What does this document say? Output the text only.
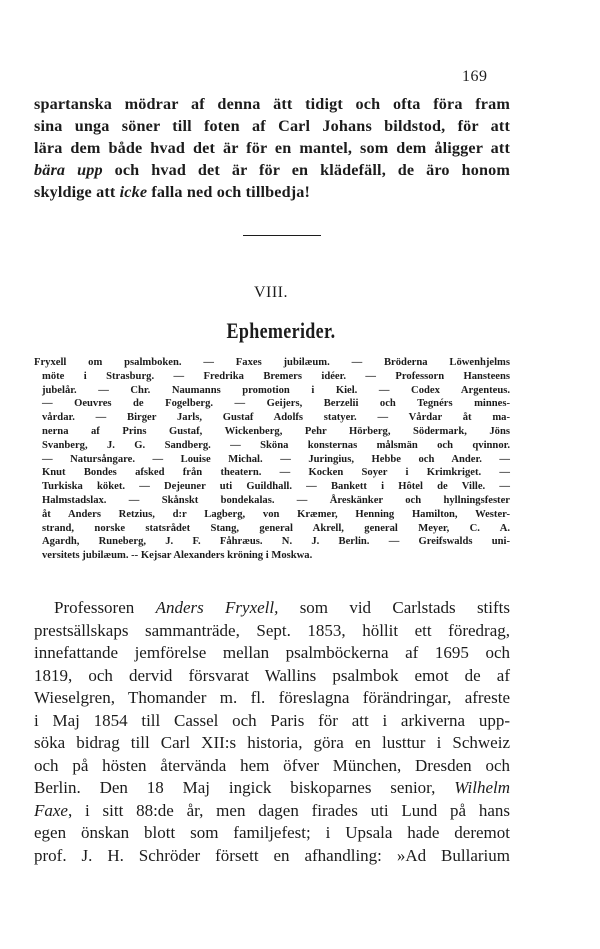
169
spartanska mödrar af denna ätt tidigt och ofta föra fram
sina unga söner till foten af Carl Johans bildstod, för att
lära dem både hvad det är för en mantel, som dem åligger att
bära upp och hvad det är för en klädefäll, de äro honom
skyldige att icke falla ned och tillbedja!
VIII.
Ephemerider.
Fryxell om psalmboken. — Faxes jubilæum. — Bröderna Löwenhjelms
möte i Strasburg. — Fredrika Bremers idéer. — Professorn Hansteens
jubelår. — Chr. Naumanns promotion i Kiel. — Codex Argenteus.
— Oeuvres de Fogelberg. — Geijers, Berzelii och Tegnérs minnes-
vårdar. — Birger Jarls, Gustaf Adolfs statyer. — Vårdar åt ma-
nerna af Prins Gustaf, Wickenberg, Pehr Hörberg, Södermark, Jöns
Svanberg, J. G. Sandberg. — Sköna konsternas målsmän och qvinnor.
— Natursångare. — Louise Michal. — Juringius, Hebbe och Ander. —
Knut Bondes afsked från theatern. — Kocken Soyer i Krimkriget. —
Turkiska köket. — Dejeuner uti Guildhall. — Bankett i Hôtel de Ville. —
Halmstadslax. — Skånskt bondekalas. — Åreskänker och hyllningsfester
åt Anders Retzius, d:r Lagberg, von Kræmer, Henning Hamilton, Wester-
strand, norske statsrådet Stang, general Akrell, general Meyer, C. A.
Agardh, Runeberg, J. F. Fåhræus. N. J. Berlin. — Greifswalds uni-
versitets jubilæum. -- Kejsar Alexanders kröning i Moskwa.
Professoren Anders Fryxell, som vid Carlstads stifts
prestsällskaps sammanträde, Sept. 1853, höllit ett föredrag,
innefattande jemförelse mellan psalmböckerna af 1695 och
1819, och dervid försvarat Wallins psalmbok emot de af
Wieselgren, Thomander m. fl. föreslagna förändringar, afreste
i Maj 1854 till Cassel och Paris för att i arkiverna upp-
söka bidrag till Carl XII:s historia, göra en lusttur i Schweiz
och på hösten återvända hem öfver München, Dresden och
Berlin. Den 18 Maj ingick biskoparnes senior, Wilhelm
Faxe, i sitt 88:de år, men dagen firades uti Lund på hans
egen önskan blott som familjefest; i Upsala hade deremot
prof. J. H. Schröder försett en afhandling: »Ad Bullarium
